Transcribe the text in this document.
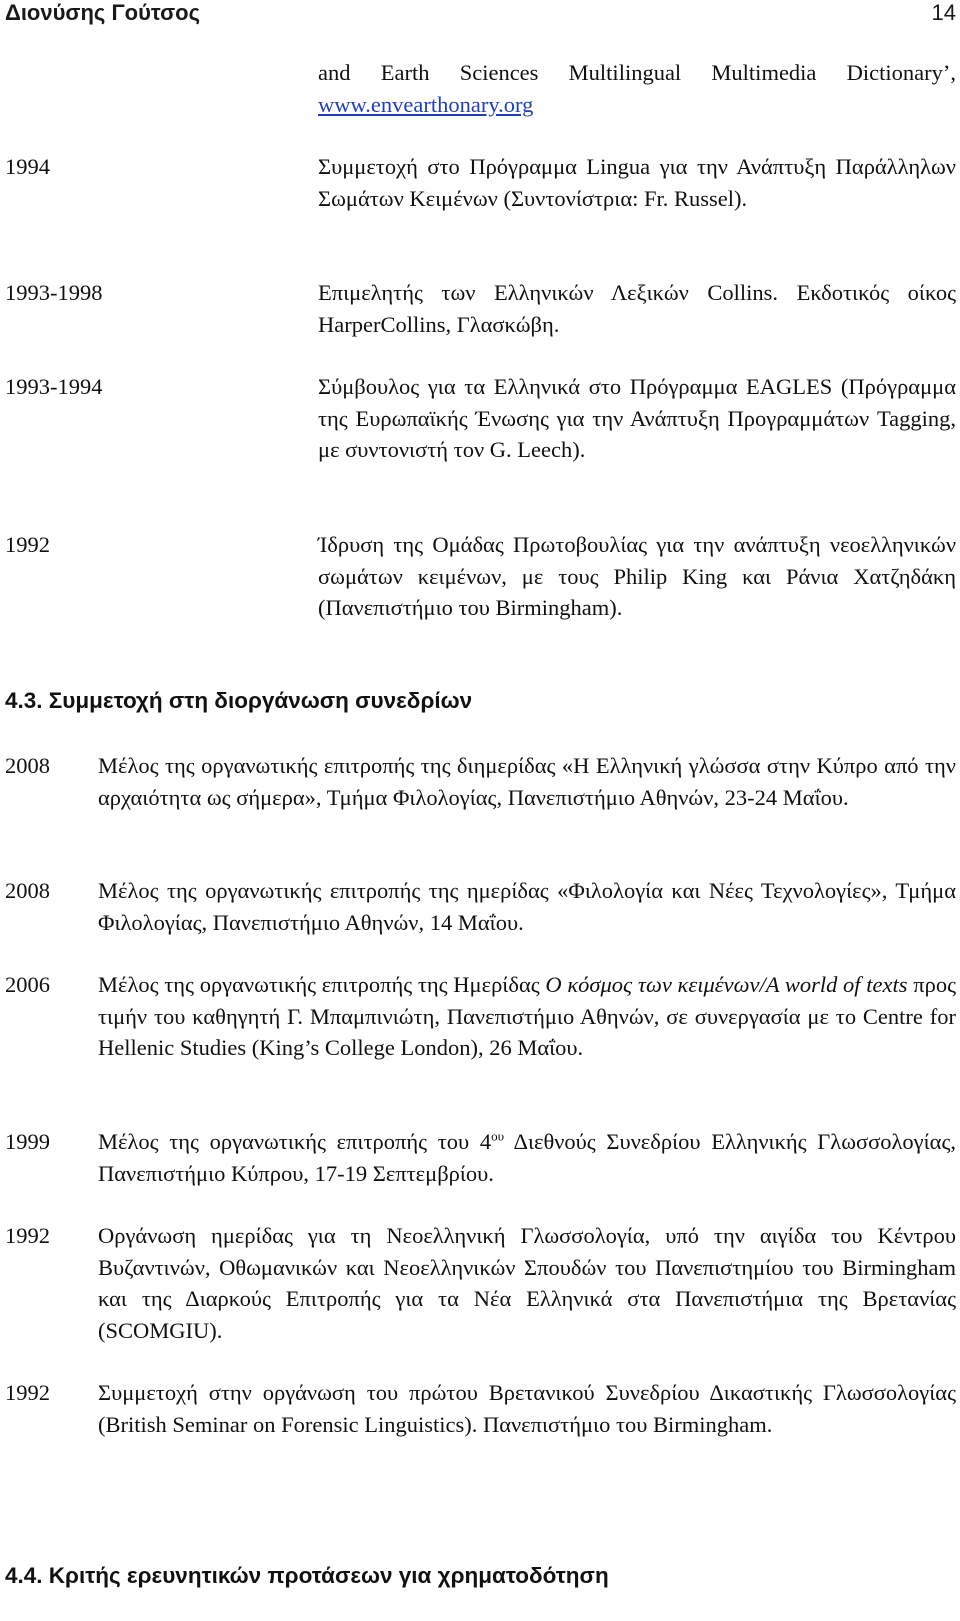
Διονύσης Γούτσος	14
and Earth Sciences Multilingual Multimedia Dictionary’, www.envearthonary.org
1994	Συμμετοχή στο Πρόγραμμα Lingua για την Ανάπτυξη Παράλληλων Σωμάτων Κειμένων (Συντονίστρια: Fr. Russel).
1993-1998	Επιμελητής των Ελληνικών Λεξικών Collins. Εκδοτικός οίκος HarperCollins, Γλασκώβη.
1993-1994	Σύμβουλος για τα Ελληνικά στο Πρόγραμμα EAGLES (Πρόγραμμα της Ευρωπαϊκής Ένωσης για την Ανάπτυξη Προγραμμάτων Tagging, με συντονιστή τον G. Leech).
1992	Ίδρυση της Ομάδας Πρωτοβουλίας για την ανάπτυξη νεοελληνικών σωμάτων κειμένων, με τους Philip King και Ράνια Χατζηδάκη (Πανεπιστήμιο του Birmingham).
4.3. Συμμετοχή στη διοργάνωση συνεδρίων
2008 Μέλος της οργανωτικής επιτροπής της διημερίδας «Η Ελληνική γλώσσα στην Κύπρο από την αρχαιότητα ως σήμερα», Τμήμα Φιλολογίας, Πανεπιστήμιο Αθηνών, 23-24 Μαΐου.
2008 Μέλος της οργανωτικής επιτροπής της ημερίδας «Φιλολογία και Νέες Τεχνολογίες», Τμήμα Φιλολογίας, Πανεπιστήμιο Αθηνών, 14 Μαΐου.
2006 Μέλος της οργανωτικής επιτροπής της Ημερίδας Ο κόσμος των κειμένων/A world of texts προς τιμήν του καθηγητή Γ. Μπαμπινιώτη, Πανεπιστήμιο Αθηνών, σε συνεργασία με το Centre for Hellenic Studies (King’s College London), 26 Μαΐου.
1999 Μέλος της οργανωτικής επιτροπής του $4^{o\upsilon}$ Διεθνούς Συνεδρίου Ελληνικής Γλωσσολογίας, Πανεπιστήμιο Κύπρου, 17-19 Σεπτεμβρίου.
1992 Οργάνωση ημερίδας για τη Νεοελληνική Γλωσσολογία, υπό την αιγίδα του Κέντρου Βυζαντινών, Οθωμανικών και Νεοελληνικών Σπουδών του Πανεπιστημίου του Birmingham και της Διαρκούς Επιτροπής για τα Νέα Ελληνικά στα Πανεπιστήμια της Βρετανίας (SCOMGIU).
1992 Συμμετοχή στην οργάνωση του πρώτου Βρετανικού Συνεδρίου Δικαστικής Γλωσσολογίας (British Seminar on Forensic Linguistics). Πανεπιστήμιο του Birmingham.
4.4. Κριτής ερευνητικών προτάσεων για χρηματοδότηση
